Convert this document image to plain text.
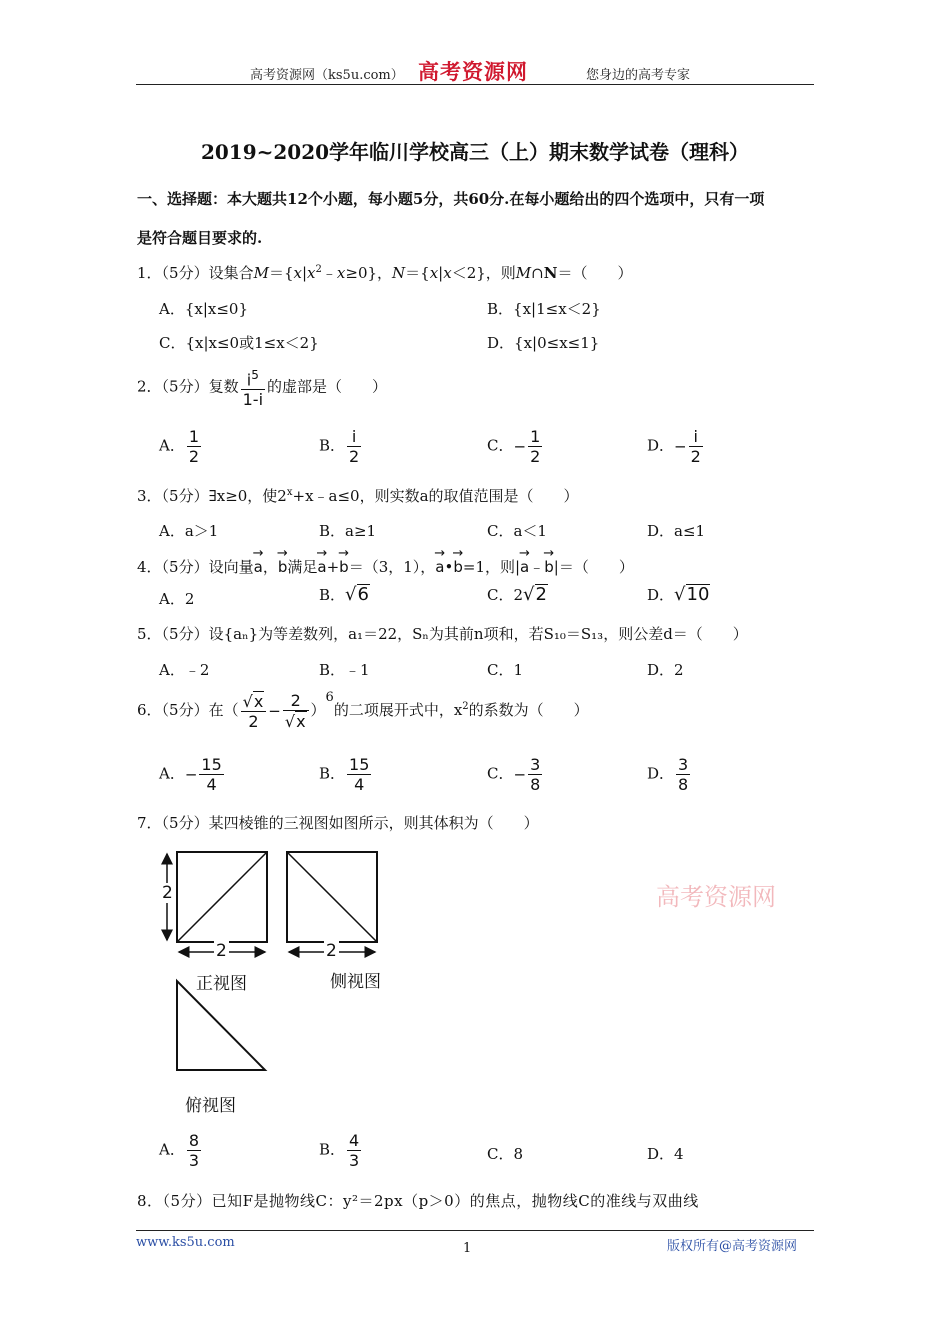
高考资源网（ks5u.com） 高考资源网	您身边的高考专家
2019~2020学年临川学校高三（上）期末数学试卷（理科）
一、选择题：本大题共12个小题，每小题5分，共60分.在每小题给出的四个选项中，只有一项
是符合题目要求的.
1．（5分）设集合$M=\{x|x^2﹣x\ge 0\}$，N＝{x|x＜2}，则M∩N＝（　　）
A．{x|x≤0}	B．{x|1≤x＜2}
C．{x|x≤0或1≤x＜2}	D．{x|0≤x≤1}
2．（5分）复数 $\frac{i^5}{1-i}$ 的虚部是（　　）
A． $\frac{1}{2}$	B． $\frac{i}{2}$	C．− $\frac{1}{2}$	D．− $\frac{i}{2}$
3．（5分）∃x≥0，使$2^x+x﹣a\le 0$，则实数a的取值范围是（　　）
A．a＞1	B．a≥1	C．a＜1	D．a≤1
4．（5分）设向量→ a，→ b满足→ a+→ b＝（3，1），→ a•→ b=1，则|→ a﹣→ b|＝（　　）
A．2	B．√6	C．2√2	D．√10
5．（5分）设{aₙ}为等差数列，a₁＝22，Sₙ为其前n项和，若S₁₀＝S₁₃，则公差d＝（　　）
A．﹣2	B．﹣1	C．1	D．2
6．（5分）在（ $\frac{√x}{2} - \frac{2}{√x} )^6$的二项展开式中，$x^2$的系数为（　　）
A．− $\frac{15}{4}$	B． $\frac{15}{4}$	C．− $\frac{3}{8}$	D． $\frac{3}{8}$
7．（5分）某四棱锥的三视图如图所示，则其体积为（　　）
2
2	2
正视图	侧视图
俯视图
高考资源网
A． $\frac{8}{3}$	B． $\frac{4}{3}$	C．8	D．4
8．（5分）已知F是抛物线C：y²＝2px（p＞0）的焦点，抛物线C的准线与双曲线
www.ks5u.com	1	版权所有@高考资源网
